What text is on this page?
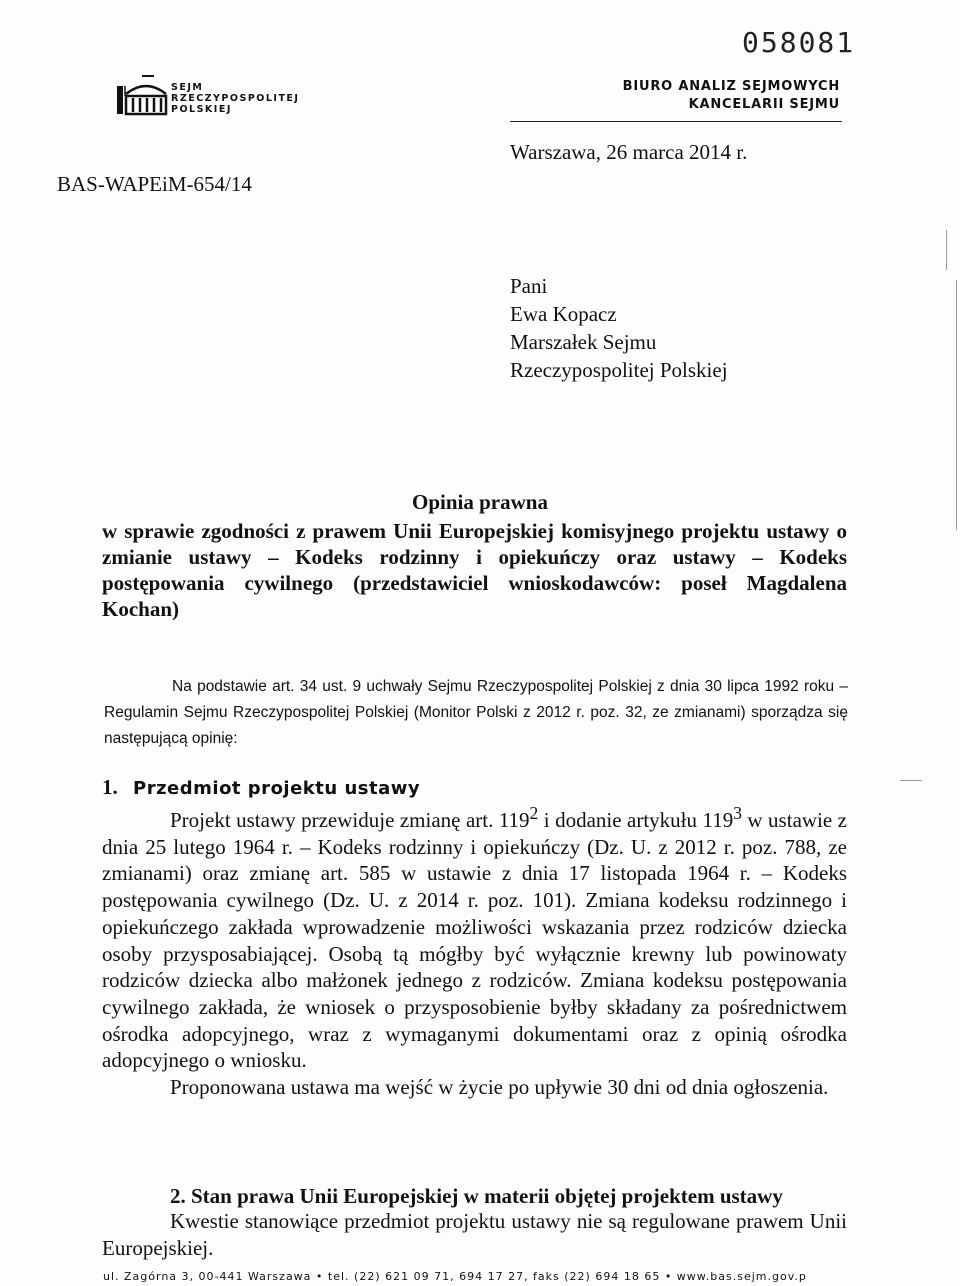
058081
SEJM
RZECZYPOSPOLITEJ
POLSKIEJ
BIURO ANALIZ SEJMOWYCH
KANCELARII SEJMU
Warszawa, 26 marca 2014 r.
BAS-WAPEiM-654/14
Pani
Ewa Kopacz
Marszałek Sejmu
Rzeczypospolitej Polskiej
Opinia prawna
w sprawie zgodności z prawem Unii Europejskiej komisyjnego projektu ustawy o zmianie ustawy – Kodeks rodzinny i opiekuńczy oraz ustawy – Kodeks postępowania cywilnego (przedstawiciel wnioskodawców: poseł Magdalena Kochan)
Na podstawie art. 34 ust. 9 uchwały Sejmu Rzeczypospolitej Polskiej z dnia 30 lipca 1992 roku – Regulamin Sejmu Rzeczypospolitej Polskiej (Monitor Polski z 2012 r. poz. 32, ze zmianami) sporządza się następującą opinię:
1. Przedmiot projektu ustawy
Projekt ustawy przewiduje zmianę art. $119^2$ i dodanie artykułu $119^3$ w ustawie z dnia 25 lutego 1964 r. – Kodeks rodzinny i opiekuńczy (Dz. U. z 2012 r. poz. 788, ze zmianami) oraz zmianę art. 585 w ustawie z dnia 17 listopada 1964 r. – Kodeks postępowania cywilnego (Dz. U. z 2014 r. poz. 101). Zmiana kodeksu rodzinnego i opiekuńczego zakłada wprowadzenie możliwości wskazania przez rodziców dziecka osoby przysposabiającej. Osobą tą mógłby być wyłącznie krewny lub powinowaty rodziców dziecka albo małżonek jednego z rodziców. Zmiana kodeksu postępowania cywilnego zakłada, że wniosek o przysposobienie byłby składany za pośrednictwem ośrodka adopcyjnego, wraz z wymaganymi dokumentami oraz z opinią ośrodka adopcyjnego o wniosku.
Proponowana ustawa ma wejść w życie po upływie 30 dni od dnia ogłoszenia.
2. Stan prawa Unii Europejskiej w materii objętej projektem ustawy
Kwestie stanowiące przedmiot projektu ustawy nie są regulowane prawem Unii Europejskiej.
ul. Zagórna 3, 00-441 Warszawa • tel. (22) 621 09 71, 694 17 27, faks (22) 694 18 65 • www.bas.sejm.gov.p
